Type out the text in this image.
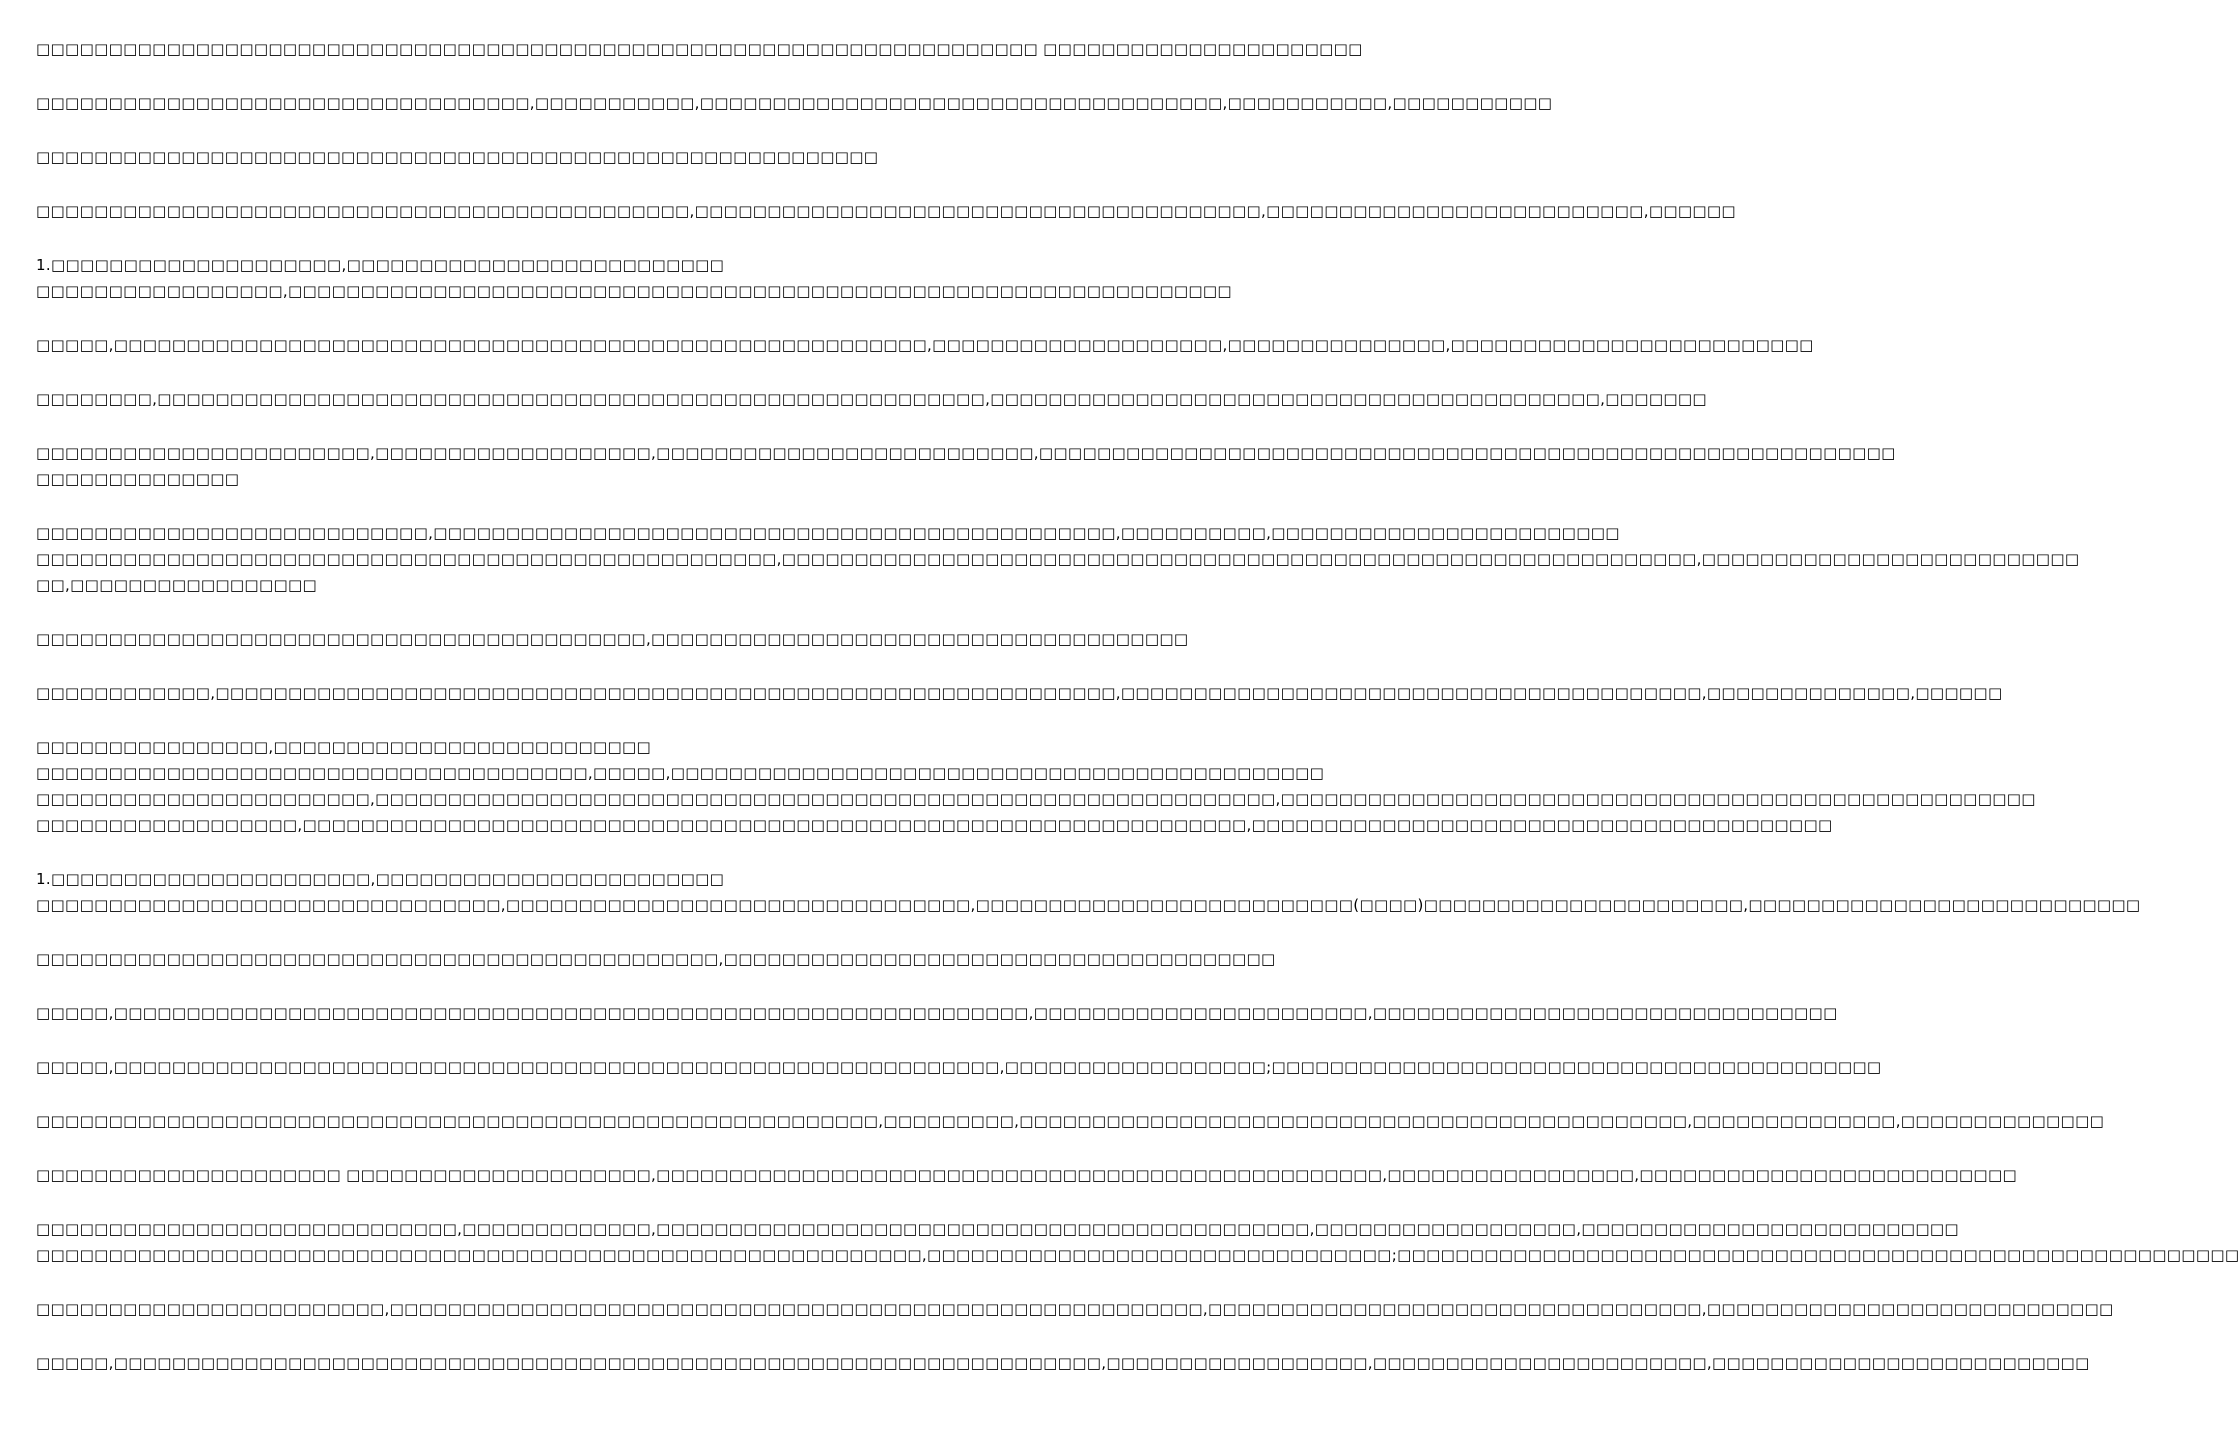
□□□□□□□□□□□□□□□□□□□□□□□□□□□□□□□□□□□□□□□□□□□□□□□□□□□□□□□□□□□□□□□□□□□□□ □□□□□□□□□□□□□□□□□□□□□□
□□□□□□□□□□□□□□□□□□□□□□□□□□□□□□□□□□,□□□□□□□□□□□,□□□□□□□□□□□□□□□□□□□□□□□□□□□□□□□□□□□□,□□□□□□□□□□□,□□□□□□□□□□□
□□□□□□□□□□□□□□□□□□□□□□□□□□□□□□□□□□□□□□□□□□□□□□□□□□□□□□□□□□
□□□□□□□□□□□□□□□□□□□□□□□□□□□□□□□□□□□□□□□□□□□□□,□□□□□□□□□□□□□□□□□□□□□□□□□□□□□□□□□□□□□□□,□□□□□□□□□□□□□□□□□□□□□□□□□□,□□□□□□
1.□□□□□□□□□□□□□□□□□□□□,□□□□□□□□□□□□□□□□□□□□□□□□□□
□□□□□□□□□□□□□□□□□,□□□□□□□□□□□□□□□□□□□□□□□□□□□□□□□□□□□□□□□□□□□□□□□□□□□□□□□□□□□□□□□□□
□□□□□,□□□□□□□□□□□□□□□□□□□□□□□□□□□□□□□□□□□□□□□□□□□□□□□□□□□□□□□□,□□□□□□□□□□□□□□□□□□□□,□□□□□□□□□□□□□□□,□□□□□□□□□□□□□□□□□□□□□□□□□
□□□□□□□□,□□□□□□□□□□□□□□□□□□□□□□□□□□□□□□□□□□□□□□□□□□□□□□□□□□□□□□□□□,□□□□□□□□□□□□□□□□□□□□□□□□□□□□□□□□□□□□□□□□□□,□□□□□□□
□□□□□□□□□□□□□□□□□□□□□□□,□□□□□□□□□□□□□□□□□□□,□□□□□□□□□□□□□□□□□□□□□□□□□□,□□□□□□□□□□□□□□□□□□□□□□□□□□□□□□□□□□□□□□□□□□□□□□□□□□□□□□□□□□□
□□□□□□□□□□□□□□
□□□□□□□□□□□□□□□□□□□□□□□□□□□,□□□□□□□□□□□□□□□□□□□□□□□□□□□□□□□□□□□□□□□□□□□□□□□,□□□□□□□□□□,□□□□□□□□□□□□□□□□□□□□□□□□
□□□□□□□□□□□□□□□□□□□□□□□□□□□□□□□□□□□□□□□□□□□□□□□□□□□,□□□□□□□□□□□□□□□□□□□□□□□□□□□□□□□□□□□□□□□□□□□□□□□□□□□□□□□□□□□□□□□,□□□□□□□□□□□□□□□□□□□□□□□□□□
□□,□□□□□□□□□□□□□□□□□
□□□□□□□□□□□□□□□□□□□□□□□□□□□□□□□□□□□□□□□□□□,□□□□□□□□□□□□□□□□□□□□□□□□□□□□□□□□□□□□□
□□□□□□□□□□□□,□□□□□□□□□□□□□□□□□□□□□□□□□□□□□□□□□□□□□□□□□□□□□□□□□□□□□□□□□□□□□□,□□□□□□□□□□□□□□□□□□□□□□□□□□□□□□□□□□□□□□□□,□□□□□□□□□□□□□□,□□□□□□
□□□□□□□□□□□□□□□□,□□□□□□□□□□□□□□□□□□□□□□□□□□
□□□□□□□□□□□□□□□□□□□□□□□□□□□□□□□□□□□□□□,□□□□□,□□□□□□□□□□□□□□□□□□□□□□□□□□□□□□□□□□□□□□□□□□□□□
□□□□□□□□□□□□□□□□□□□□□□□,□□□□□□□□□□□□□□□□□□□□□□□□□□□□□□□□□□□□□□□□□□□□□□□□□□□□□□□□□□□□□□,□□□□□□□□□□□□□□□□□□□□□□□□□□□□□□□□□□□□□□□□□□□□□□□□□□□□
□□□□□□□□□□□□□□□□□□,□□□□□□□□□□□□□□□□□□□□□□□□□□□□□□□□□□□□□□□□□□□□□□□□□□□□□□□□□□□□□□□□□,□□□□□□□□□□□□□□□□□□□□□□□□□□□□□□□□□□□□□□□□
1.□□□□□□□□□□□□□□□□□□□□□□,□□□□□□□□□□□□□□□□□□□□□□□□
□□□□□□□□□□□□□□□□□□□□□□□□□□□□□□□□,□□□□□□□□□□□□□□□□□□□□□□□□□□□□□□□□,□□□□□□□□□□□□□□□□□□□□□□□□□□(□□□□)□□□□□□□□□□□□□□□□□□□□□□,□□□□□□□□□□□□□□□□□□□□□□□□□□□
□□□□□□□□□□□□□□□□□□□□□□□□□□□□□□□□□□□□□□□□□□□□□□□,□□□□□□□□□□□□□□□□□□□□□□□□□□□□□□□□□□□□□□
□□□□□,□□□□□□□□□□□□□□□□□□□□□□□□□□□□□□□□□□□□□□□□□□□□□□□□□□□□□□□□□□□□□□□,□□□□□□□□□□□□□□□□□□□□□□□,□□□□□□□□□□□□□□□□□□□□□□□□□□□□□□□□
□□□□□,□□□□□□□□□□□□□□□□□□□□□□□□□□□□□□□□□□□□□□□□□□□□□□□□□□□□□□□□□□□□□,□□□□□□□□□□□□□□□□□□;□□□□□□□□□□□□□□□□□□□□□□□□□□□□□□□□□□□□□□□□□□
□□□□□□□□□□□□□□□□□□□□□□□□□□□□□□□□□□□□□□□□□□□□□□□□□□□□□□□□□□,□□□□□□□□□,□□□□□□□□□□□□□□□□□□□□□□□□□□□□□□□□□□□□□□□□□□□□□□,□□□□□□□□□□□□□□,□□□□□□□□□□□□□□
□□□□□□□□□□□□□□□□□□□□□ □□□□□□□□□□□□□□□□□□□□□,□□□□□□□□□□□□□□□□□□□□□□□□□□□□□□□□□□□□□□□□□□□□□□□□□□,□□□□□□□□□□□□□□□□□,□□□□□□□□□□□□□□□□□□□□□□□□□□
□□□□□□□□□□□□□□□□□□□□□□□□□□□□□,□□□□□□□□□□□□□,□□□□□□□□□□□□□□□□□□□□□□□□□□□□□□□□□□□□□□□□□□□□□,□□□□□□□□□□□□□□□□□□,□□□□□□□□□□□□□□□□□□□□□□□□□□
□□□□□□□□□□□□□□□□□□□□□□□□□□□□□□□□□□□□□□□□□□□□□□□□□□□□□□□□□□□□□,□□□□□□□□□□□□□□□□□□□□□□□□□□□□□□□□;□□□□□□□□□□□□□□□□□□□□□□□□□□□□□□□□□□□□□□□□□□□□□□□□□□□□□□□□□□
□□□□□□□□□□□□□□□□□□□□□□□□,□□□□□□□□□□□□□□□□□□□□□□□□□□□□□□□□□□□□□□□□□□□□□□□□□□□□□□□□,□□□□□□□□□□□□□□□□□□□□□□□□□□□□□□□□□□,□□□□□□□□□□□□□□□□□□□□□□□□□□□□
□□□□□,□□□□□□□□□□□□□□□□□□□□□□□□□□□□□□□□□□□□□□□□□□□□□□□□□□□□□□□□□□□□□□□□□□□□,□□□□□□□□□□□□□□□□□□,□□□□□□□□□□□□□□□□□□□□□□□,□□□□□□□□□□□□□□□□□□□□□□□□□□
